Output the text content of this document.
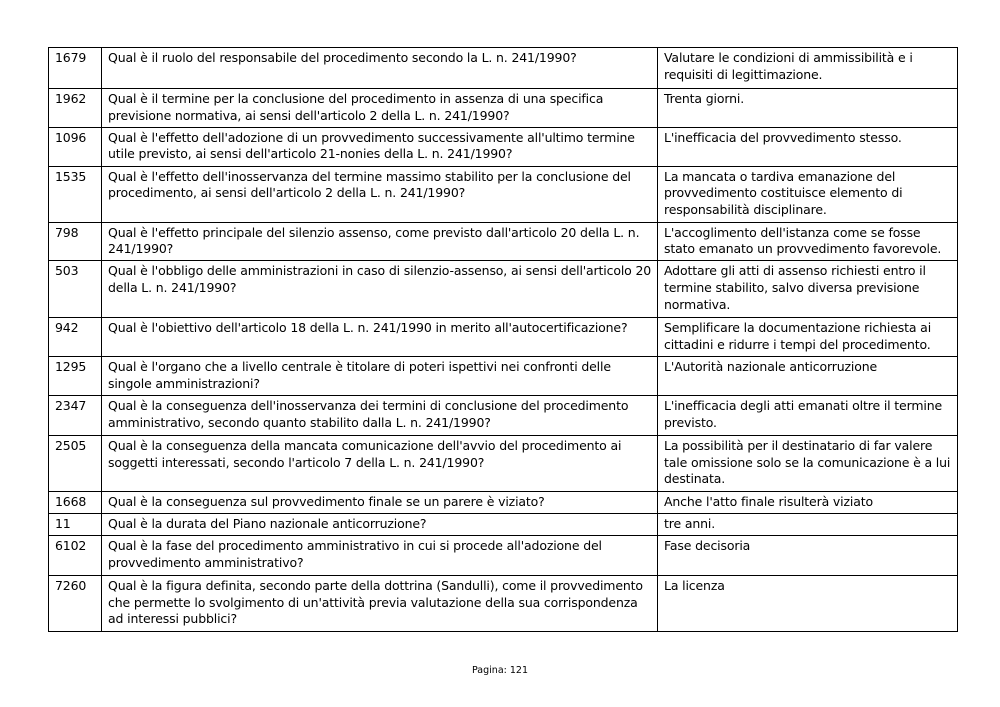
1679	Qual è il ruolo del responsabile del procedimento secondo la L. n. 241/1990?	Valutare le condizioni di ammissibilità e i requisiti di legittimazione.
1962	Qual è il termine per la conclusione del procedimento in assenza di una specifica previsione normativa, ai sensi dell'articolo 2 della L. n. 241/1990?	Trenta giorni.
1096	Qual è l'effetto dell'adozione di un provvedimento successivamente all'ultimo termine utile previsto, ai sensi dell'articolo 21-nonies della L. n. 241/1990?	L'inefficacia del provvedimento stesso.
1535	Qual è l'effetto dell'inosservanza del termine massimo stabilito per la conclusione del procedimento, ai sensi dell'articolo 2 della L. n. 241/1990?	La mancata o tardiva emanazione del provvedimento costituisce elemento di responsabilità disciplinare.
798	Qual è l'effetto principale del silenzio assenso, come previsto dall'articolo 20 della L. n. 241/1990?	L'accoglimento dell'istanza come se fosse stato emanato un provvedimento favorevole.
503	Qual è l'obbligo delle amministrazioni in caso di silenzio-assenso, ai sensi dell'articolo 20 della L. n. 241/1990?	Adottare gli atti di assenso richiesti entro il termine stabilito, salvo diversa previsione normativa.
942	Qual è l'obiettivo dell'articolo 18 della L. n. 241/1990 in merito all'autocertificazione?	Semplificare la documentazione richiesta ai cittadini e ridurre i tempi del procedimento.
1295	Qual è l'organo che a livello centrale è titolare di poteri ispettivi nei confronti delle singole amministrazioni?	L'Autorità nazionale anticorruzione
2347	Qual è la conseguenza dell'inosservanza dei termini di conclusione del procedimento amministrativo, secondo quanto stabilito dalla L. n. 241/1990?	L'inefficacia degli atti emanati oltre il termine previsto.
2505	Qual è la conseguenza della mancata comunicazione dell'avvio del procedimento ai soggetti interessati, secondo l'articolo 7 della L. n. 241/1990?	La possibilità per il destinatario di far valere tale omissione solo se la comunicazione è a lui destinata.
1668	Qual è la conseguenza sul provvedimento finale se un parere è viziato?	Anche l'atto finale risulterà viziato
11	Qual è la durata del Piano nazionale anticorruzione?	tre anni.
6102	Qual è la fase del procedimento amministrativo in cui si procede all'adozione del provvedimento amministrativo?	Fase decisoria
7260	Qual è la figura definita, secondo parte della dottrina (Sandulli), come il provvedimento che permette lo svolgimento di un'attività previa valutazione della sua corrispondenza ad interessi pubblici?	La licenza
Pagina: 121
